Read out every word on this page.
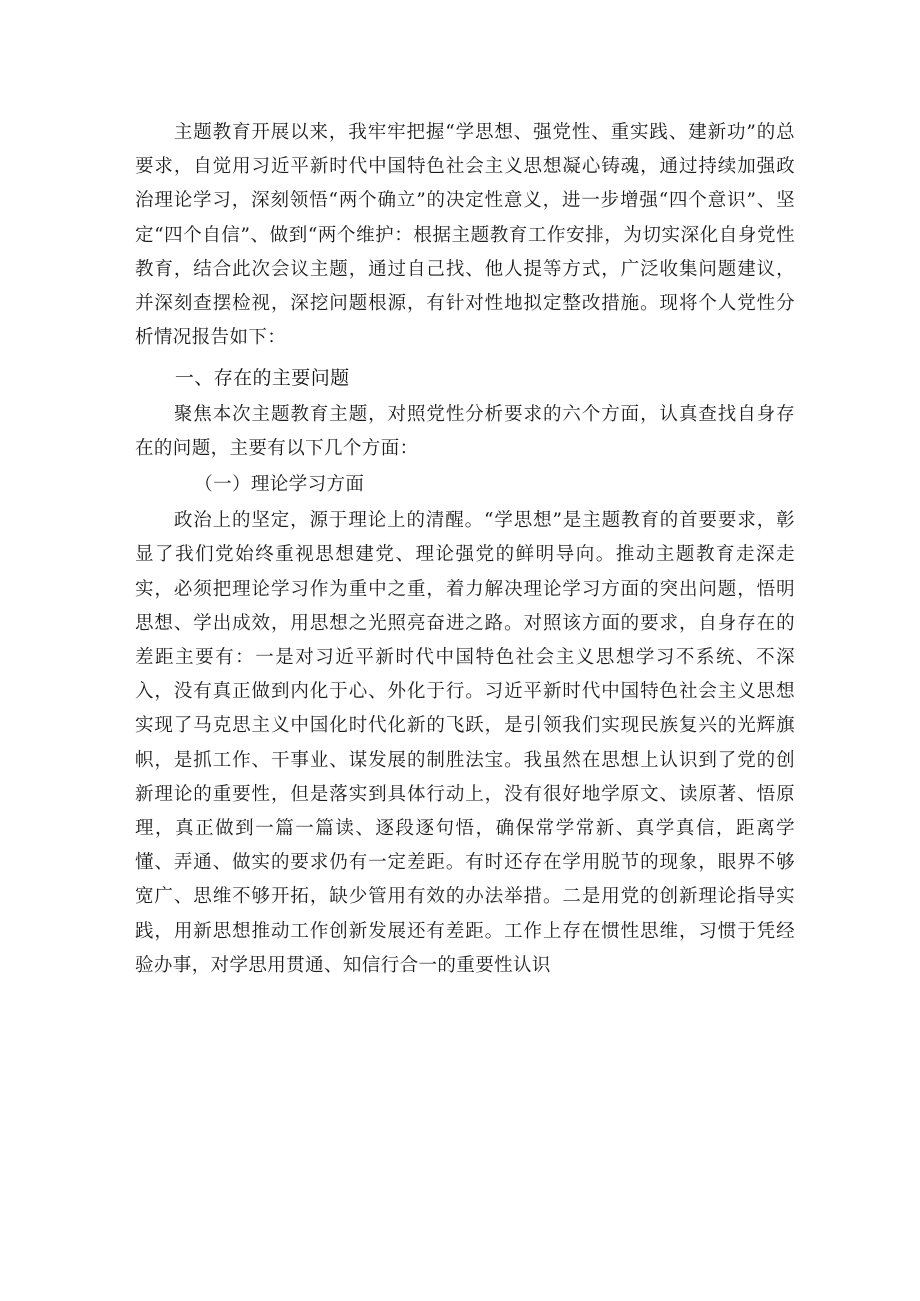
主题教育开展以来，我牢牢把握“学思想、强党性、重实践、建新功”的总要求，自觉用习近平新时代中国特色社会主义思想凝心铸魂，通过持续加强政治理论学习，深刻领悟“两个确立”的决定性意义，进一步增强“四个意识”、坚定“四个自信”、做到“两个维护：根据主题教育工作安排，为切实深化自身党性教育，结合此次会议主题，通过自己找、他人提等方式，广泛收集问题建议，并深刻查摆检视，深挖问题根源，有针对性地拟定整改措施。现将个人党性分析情况报告如下：

一、存在的主要问题

聚焦本次主题教育主题，对照党性分析要求的六个方面，认真查找自身存在的问题，主要有以下几个方面：

（一）理论学习方面

政治上的坚定，源于理论上的清醒。“学思想”是主题教育的首要要求，彰显了我们党始终重视思想建党、理论强党的鲜明导向。推动主题教育走深走实，必须把理论学习作为重中之重，着力解决理论学习方面的突出问题，悟明思想、学出成效，用思想之光照亮奋进之路。对照该方面的要求，自身存在的差距主要有：一是对习近平新时代中国特色社会主义思想学习不系统、不深入，没有真正做到内化于心、外化于行。习近平新时代中国特色社会主义思想实现了马克思主义中国化时代化新的飞跃，是引领我们实现民族复兴的光辉旗帜，是抓工作、干事业、谋发展的制胜法宝。我虽然在思想上认识到了党的创新理论的重要性，但是落实到具体行动上，没有很好地学原文、读原著、悟原理，真正做到一篇一篇读、逐段逐句悟，确保常学常新、真学真信，距离学懂、弄通、做实的要求仍有一定差距。有时还存在学用脱节的现象，眼界不够宽广、思维不够开拓，缺少管用有效的办法举措。二是用党的创新理论指导实践，用新思想推动工作创新发展还有差距。工作上存在惯性思维，习惯于凭经验办事，对学思用贯通、知信行合一的重要性认识
